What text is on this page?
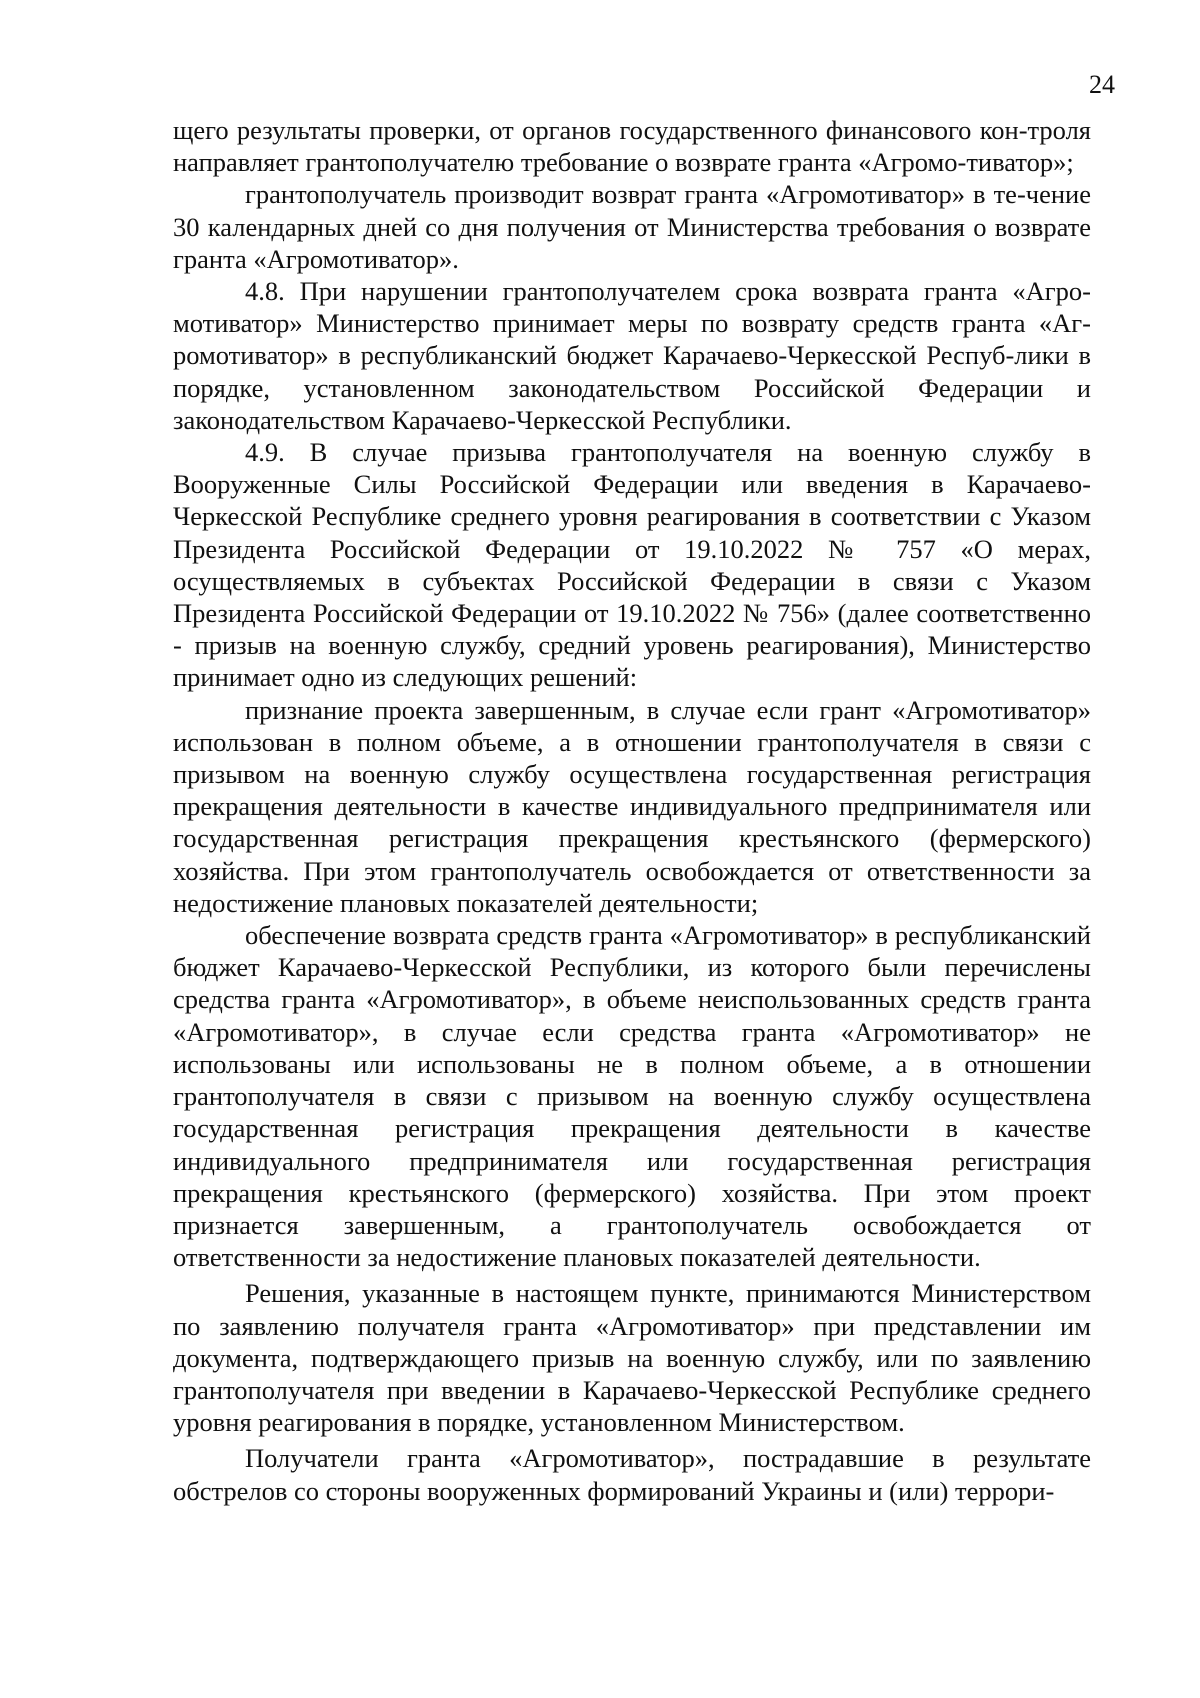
24

щего результаты проверки, от органов государственного финансового кон-троля направляет грантополучателю требование о возврате гранта «Агромо-тиватор»;

грантополучатель производит возврат гранта «Агромотиватор» в те-чение 30 календарных дней со дня получения от Министерства требования о возврате гранта «Агромотиватор».

4.8. При нарушении грантополучателем срока возврата гранта «Агро-мотиватор» Министерство принимает меры по возврату средств гранта «Аг-ромотиватор» в республиканский бюджет Карачаево-Черкесской Респуб-лики в порядке, установленном законодательством Российской Федерации и законодательством Карачаево-Черкесской Республики.

4.9. В случае призыва грантополучателя на военную службу в Вооруженные Силы Российской Федерации или введения в Карачаево-Черкесской Республике среднего уровня реагирования в соответствии с Указом Президента Российской Федерации от 19.10.2022 № 757 «О мерах, осуществляемых в субъектах Российской Федерации в связи с Указом Президента Российской Федерации от 19.10.2022 № 756» (далее соответственно - призыв на военную службу, средний уровень реагирования), Министерство принимает одно из следующих решений:

признание проекта завершенным, в случае если грант «Агромотиватор» использован в полном объеме, а в отношении грантополучателя в связи с призывом на военную службу осуществлена государственная регистрация прекращения деятельности в качестве индивидуального предпринимателя или государственная регистрация прекращения крестьянского (фермерского) хозяйства. При этом грантополучатель освобождается от ответственности за недостижение плановых показателей деятельности;

обеспечение возврата средств гранта «Агромотиватор» в республиканский бюджет Карачаево-Черкесской Республики, из которого были перечислены средства гранта «Агромотиватор», в объеме неиспользованных средств гранта «Агромотиватор», в случае если средства гранта «Агромотиватор» не использованы или использованы не в полном объеме, а в отношении грантополучателя в связи с призывом на военную службу осуществлена государственная регистрация прекращения деятельности в качестве индивидуального предпринимателя или государственная регистрация прекращения крестьянского (фермерского) хозяйства. При этом проект признается завершенным, а грантополучатель освобождается от ответственности за недостижение плановых показателей деятельности.

Решения, указанные в настоящем пункте, принимаются Министерством по заявлению получателя гранта «Агромотиватор» при представлении им документа, подтверждающего призыв на военную службу, или по заявлению грантополучателя при введении в Карачаево-Черкесской Республике среднего уровня реагирования в порядке, установленном Министерством.

Получатели гранта «Агромотиватор», пострадавшие в результате обстрелов со стороны вооруженных формирований Украины и (или) террори-
